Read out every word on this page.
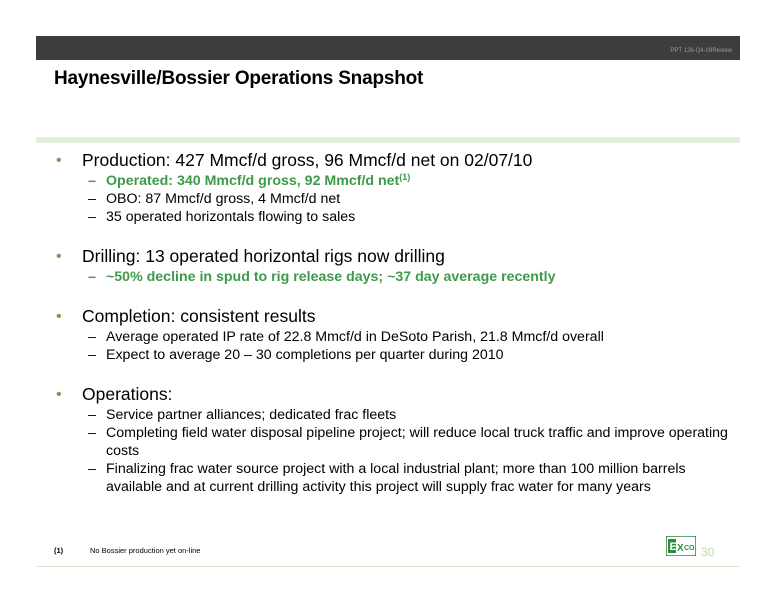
PPT 126-Q4-09Review
Haynesville/Bossier Operations Snapshot
• Production: 427 Mmcf/d gross, 96 Mmcf/d net on 02/07/10
– Operated: 340 Mmcf/d gross, 92 Mmcf/d net$^{(1)}$
– OBO: 87 Mmcf/d gross, 4 Mmcf/d net
– 35 operated horizontals flowing to sales
• Drilling: 13 operated horizontal rigs now drilling
– ~50% decline in spud to rig release days; ~37 day average recently
• Completion: consistent results
– Average operated IP rate of 22.8 Mmcf/d in DeSoto Parish, 21.8 Mmcf/d overall
– Expect to average 20 – 30 completions per quarter during 2010
• Operations:
– Service partner alliances; dedicated frac fleets
– Completing field water disposal pipeline project; will reduce local truck traffic and improve operating costs
– Finalizing frac water source project with a local industrial plant; more than 100 million barrels available and at current drilling activity this project will supply frac water for many years
(1)	No Bossier production yet on-line	E X CO 30
